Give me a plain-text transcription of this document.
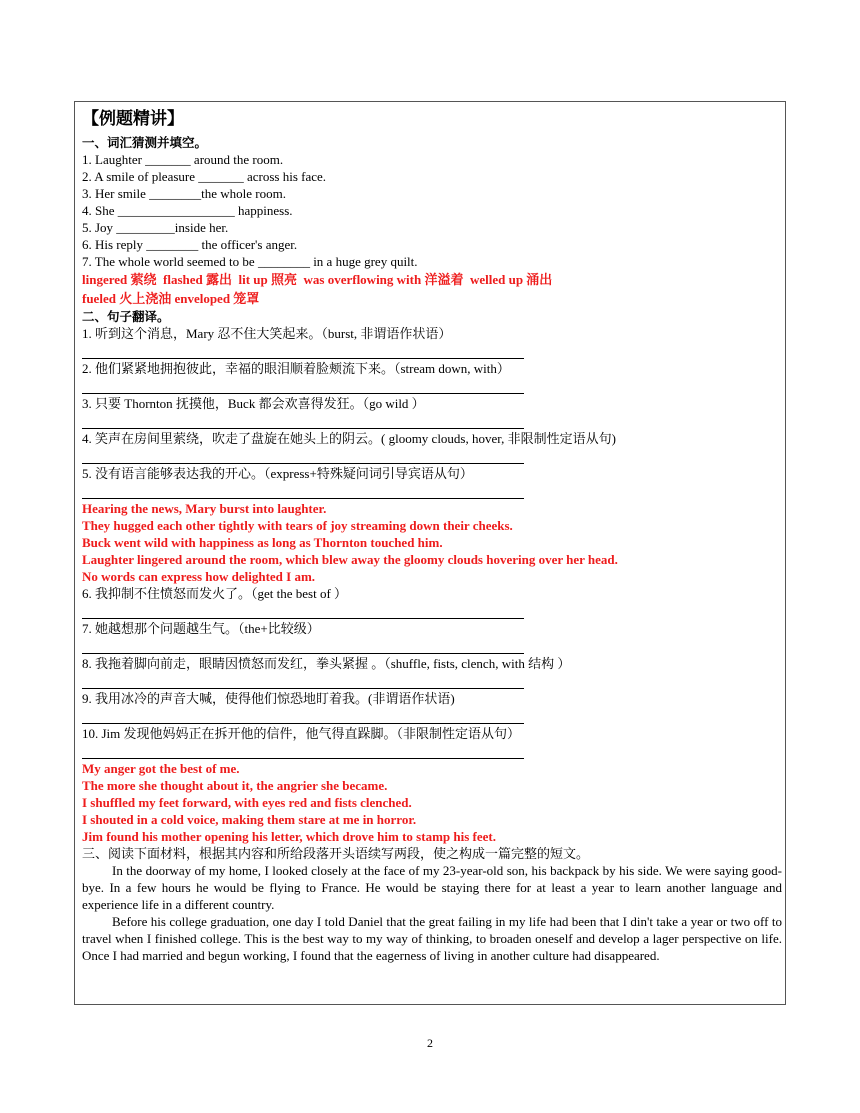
【例题精讲】
一、词汇猜测并填空。
1. Laughter _______ around the room.
2. A smile of pleasure _______ across his face.
3. Her smile ________the whole room.
4. She __________________ happiness.
5. Joy _________inside her.
6. His reply ________ the officer's anger.
7. The whole world seemed to be ________ in a huge grey quilt.
lingered 萦绕  flashed 露出  lit up 照亮  was overflowing with 洋溢着  welled up 涌出
fueled 火上浇油 enveloped 笼罩
二、句子翻译。
1. 听到这个消息，Mary 忍不住大笑起来。（burst, 非谓语作状语）
2. 他们紧紧地拥抱彼此，幸福的眼泪顺着脸颊流下来。（stream down, with）
3. 只要 Thornton 抚摸他，Buck 都会欢喜得发狂。（go wild ）
4. 笑声在房间里萦绕，吹走了盘旋在她头上的阴云。( gloomy clouds, hover, 非限制性定语从句)
5. 没有语言能够表达我的开心。（express+特殊疑问词引导宾语从句）
Hearing the news, Mary burst into laughter.
They hugged each other tightly with tears of joy streaming down their cheeks.
Buck went wild with happiness as long as Thornton touched him.
Laughter lingered around the room, which blew away the gloomy clouds hovering over her head.
No words can express how delighted I am.
6. 我抑制不住愤怒而发火了。（get the best of ）
7. 她越想那个问题越生气。（the+比较级）
8. 我拖着脚向前走，眼睛因愤怒而发红，拳头紧握 。（shuffle, fists, clench, with 结构 ）
9. 我用冰冷的声音大喊，使得他们惊恐地盯着我。(非谓语作状语)
10. Jim 发现他妈妈正在拆开他的信件，他气得直跺脚。（非限制性定语从句）
My anger got the best of me.
The more she thought about it, the angrier she became.
I shuffled my feet forward, with eyes red and fists clenched.
I shouted in a cold voice, making them stare at me in horror.
Jim found his mother opening his letter, which drove him to stamp his feet.
三、阅读下面材料，根据其内容和所给段落开头语续写两段，使之构成一篇完整的短文。

In the doorway of my home, I looked closely at the face of my 23-year-old son, his backpack by his side. We were saying good-bye. In a few hours he would be flying to France. He would be staying there for at least a year to learn another language and experience life in a different country.

Before his college graduation, one day I told Daniel that the great failing in my life had been that I din't take a year or two off to travel when I finished college. This is the best way to my way of thinking, to broaden oneself and develop a lager perspective on life. Once I had married and begun working, I found that the eagerness of living in another culture had disappeared.

2
